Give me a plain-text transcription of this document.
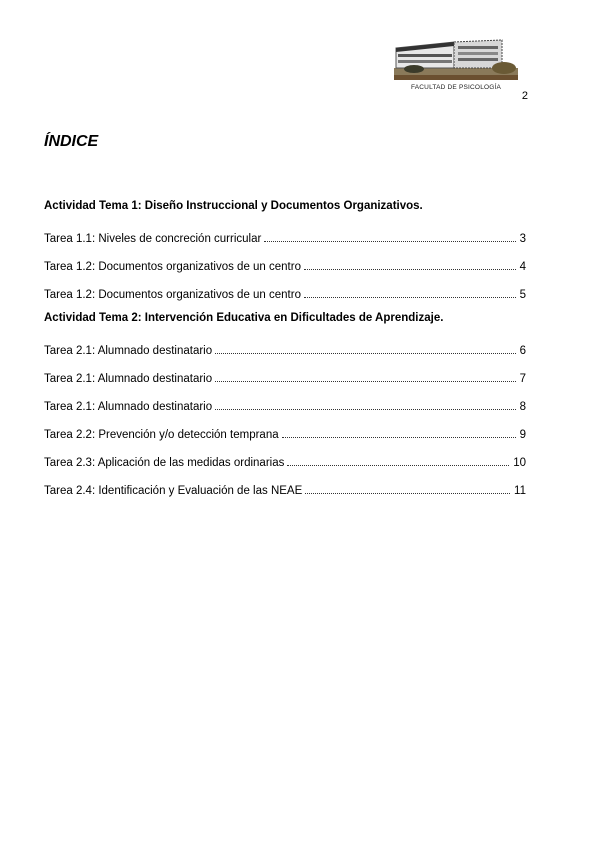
FACULTAD DE PSICOLOGÍA
2
ÍNDICE
Actividad Tema 1: Diseño Instruccional y Documentos Organizativos.
Tarea 1.1: Niveles de concreción curricular	3
Tarea 1.2: Documentos organizativos de un centro	4
Tarea 1.2: Documentos organizativos de un centro	5
Actividad Tema 2: Intervención Educativa en Dificultades de Aprendizaje.
Tarea 2.1: Alumnado destinatario	6
Tarea 2.1: Alumnado destinatario	7
Tarea 2.1: Alumnado destinatario	8
Tarea 2.2: Prevención y/o detección temprana	9
Tarea 2.3: Aplicación de las medidas ordinarias	10
Tarea 2.4: Identificación y Evaluación de las NEAE	11
